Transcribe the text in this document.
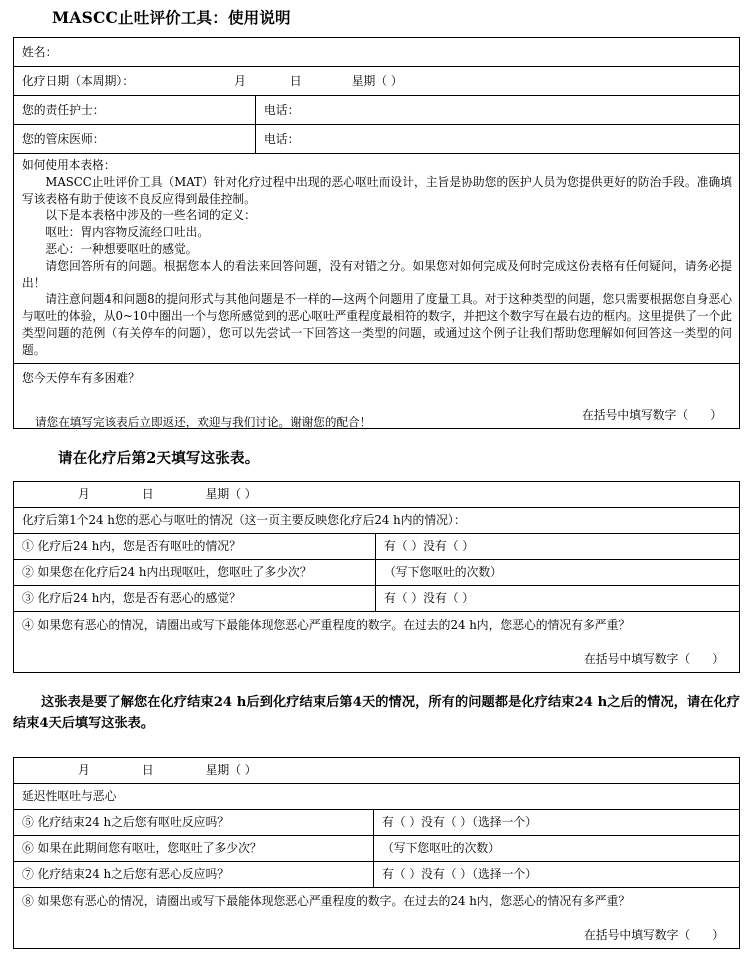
MASCC止吐评价工具：使用说明
姓名：	
化疗日期（本周期）： 月 日 星期（ ）	
您的责任护士：	电话：
您的管床医师：	电话：

如何使用本表格：

MASCC止吐评价工具（MAT）针对化疗过程中出现的恶心呕吐而设计，主旨是协助您的医护人员为您提供更好的防治手段。准确填写该表格有助于使该不良反应得到最佳控制。

以下是本表格中涉及的一些名词的定义：

呕吐：胃内容物反流经口吐出。

恶心：一种想要呕吐的感觉。

请您回答所有的问题。根据您本人的看法来回答问题，没有对错之分。如果您对如何完成及何时完成这份表格有任何疑问，请务必提出！

请注意问题4和问题8的提问形式与其他问题是不一样的—这两个问题用了度量工具。对于这种类型的问题，您只需要根据您自身恶心与呕吐的体验，从0~10中圈出一个与您所感觉到的恶心呕吐严重程度最相符的数字，并把这个数字写在最右边的框内。这里提供了一个此类型问题的范例（有关停车的问题），您可以先尝试一下回答这一类型的问题，或通过这个例子让我们帮助您理解如何回答这一类型的问题。

您今天停车有多困难？
在括号中填写数字（ ）	
请您在填写完该表后立即返还，欢迎与我们讨论。谢谢您的配合！
请在化疗后第2天填写这张表。
月 日 星期（ ）	
化疗后第1个24 h您的恶心与呕吐的情况（这一页主要反映您化疗后24 h内的情况）：	
① 化疗后24 h内，您是否有呕吐的情况？	有（ ）没有（ ）
② 如果您在化疗后24 h内出现呕吐，您呕吐了多少次？	（写下您呕吐的次数）
③ 化疗后24 h内，您是否有恶心的感觉？	有（ ）没有（ ）

④ 如果您有恶心的情况，请圈出或写下最能体现您恶心严重程度的数字。在过去的24 h内，您恶心的情况有多严重？
在括号中填写数字（ ）	
这张表是要了解您在化疗结束24 h后到化疗结束后第4天的情况，所有的问题都是化疗结束24 h之后的情况，请在化疗结束4天后填写这张表。
月 日 星期（ ）	
延迟性呕吐与恶心	
⑤ 化疗结束24 h之后您有呕吐反应吗？	有（ ）没有（ ）（选择一个）
⑥ 如果在此期间您有呕吐，您呕吐了多少次？	（写下您呕吐的次数）
⑦ 化疗结束24 h之后您有恶心反应吗？	有（ ）没有（ ）（选择一个）

⑧ 如果您有恶心的情况，请圈出或写下最能体现您恶心严重程度的数字。在过去的24 h内，您恶心的情况有多严重？
在括号中填写数字（ ）	
